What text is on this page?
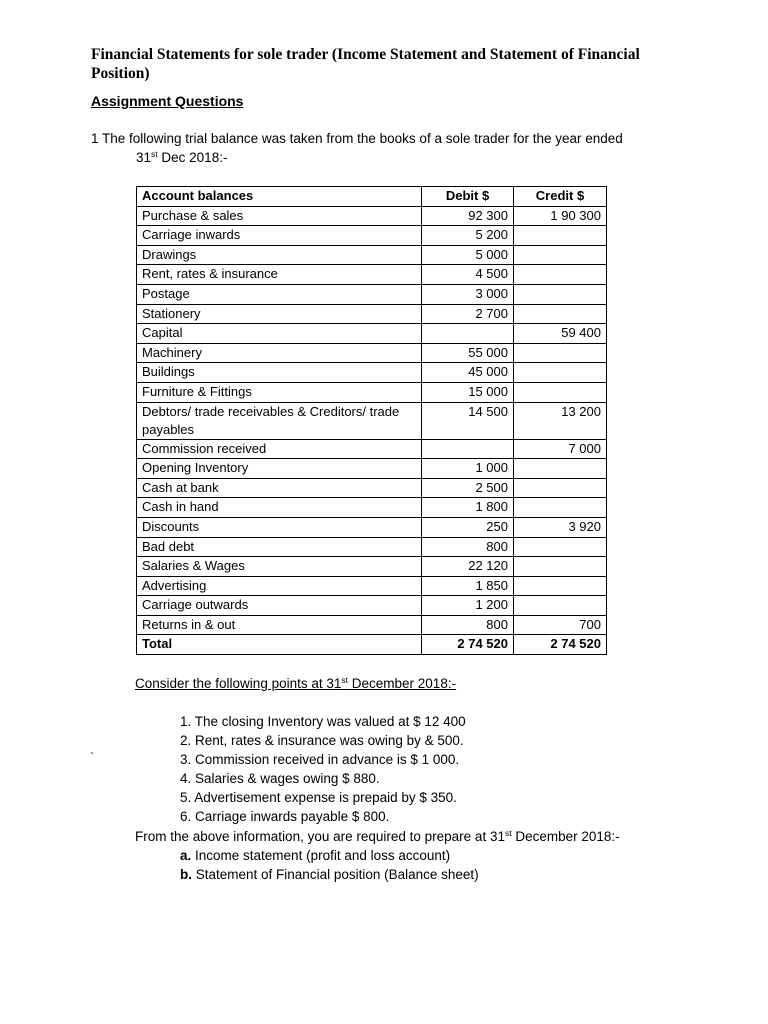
Financial Statements for sole trader (Income Statement and Statement of Financial Position)
Assignment Questions
1 The following trial balance was taken from the books of a sole trader for the year ended
31st Dec 2018:-
Account balances	Debit $	Credit $
Purchase & sales	92 300	1 90 300
Carriage inwards	5 200	
Drawings	5 000	
Rent, rates & insurance	4 500	
Postage	3 000	
Stationery	2 700	
Capital		59 400
Machinery	55 000	
Buildings	45 000	
Furniture & Fittings	15 000	
Debtors/ trade receivables & Creditors/ trade payables	14 500	13 200
Commission received		7 000
Opening Inventory	1 000	
Cash at bank	2 500	
Cash in hand	1 800	
Discounts	250	3 920
Bad debt	800	
Salaries & Wages	22 120	
Advertising	1 850	
Carriage outwards	1 200	
Returns in & out	800	700
Total	2 74 520	2 74 520
Consider the following points at 31st December 2018:-
`
1. The closing Inventory was valued at $ 12 400
2. Rent, rates & insurance was owing by & 500.
3. Commission received in advance is $ 1 000.
4. Salaries & wages owing $ 880.
5. Advertisement expense is prepaid by $ 350.
6. Carriage inwards payable $ 800.
From the above information, you are required to prepare at 31st December 2018:-
a. Income statement (profit and loss account)
b. Statement of Financial position (Balance sheet)
